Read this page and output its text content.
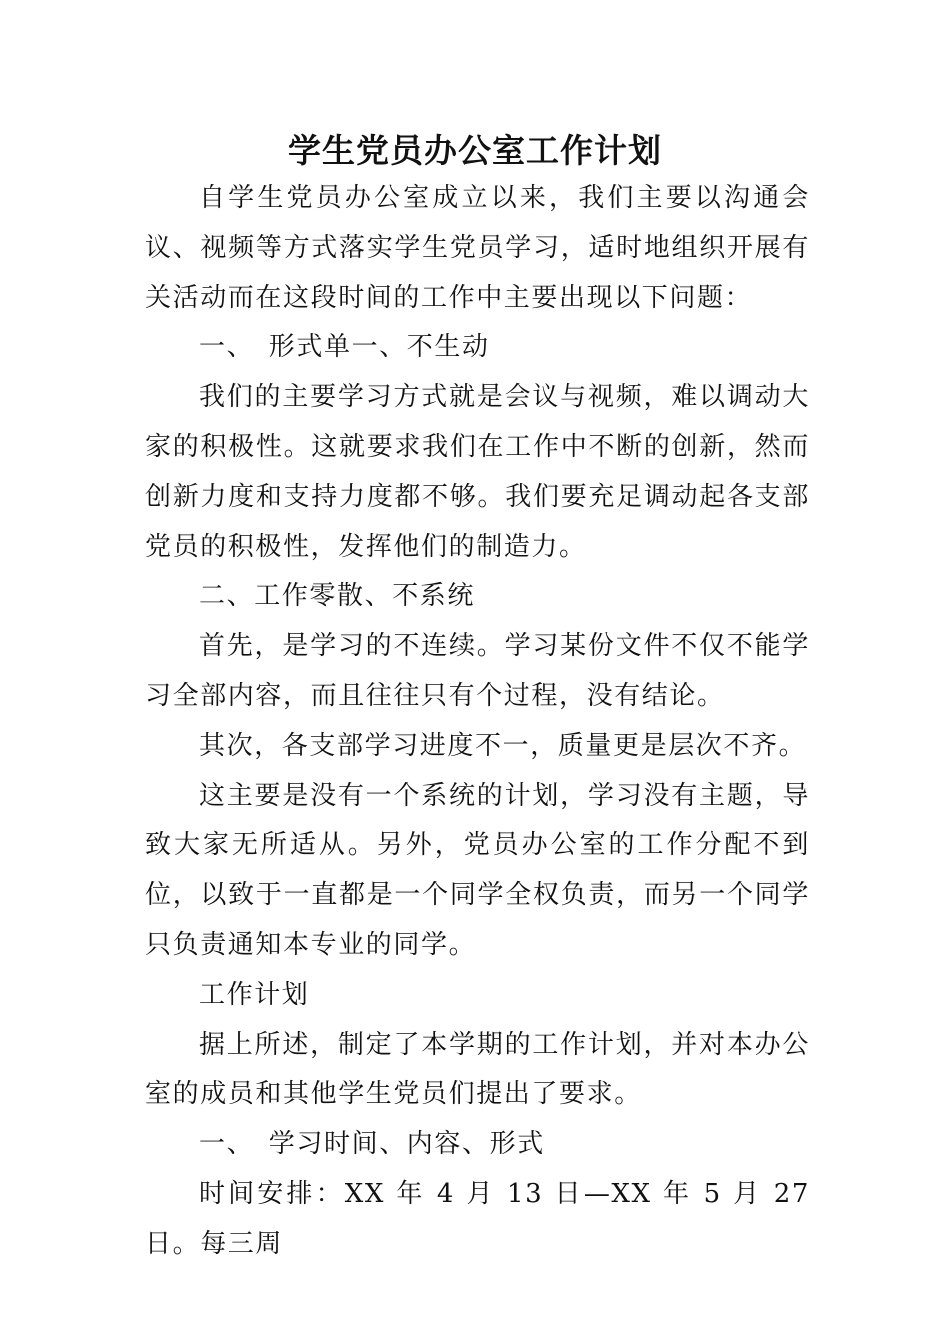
学生党员办公室工作计划

自学生党员办公室成立以来，我们主要以沟通会议、视频等方式落实学生党员学习，适时地组织开展有关活动而在这段时间的工作中主要出现以下问题：

一、　形式单一、不生动

我们的主要学习方式就是会议与视频，难以调动大家的积极性。这就要求我们在工作中不断的创新，然而创新力度和支持力度都不够。我们要充足调动起各支部党员的积极性，发挥他们的制造力。

二、工作零散、不系统

首先，是学习的不连续。学习某份文件不仅不能学习全部内容，而且往往只有个过程，没有结论。

其次，各支部学习进度不一，质量更是层次不齐。

这主要是没有一个系统的计划，学习没有主题，导致大家无所适从。另外，党员办公室的工作分配不到位，以致于一直都是一个同学全权负责，而另一个同学只负责通知本专业的同学。

工作计划

据上所述，制定了本学期的工作计划，并对本办公室的成员和其他学生党员们提出了要求。

一、　学习时间、内容、形式

时间安排：XX 年 4 月 13 日—XX 年 5 月 27 日。每三周
